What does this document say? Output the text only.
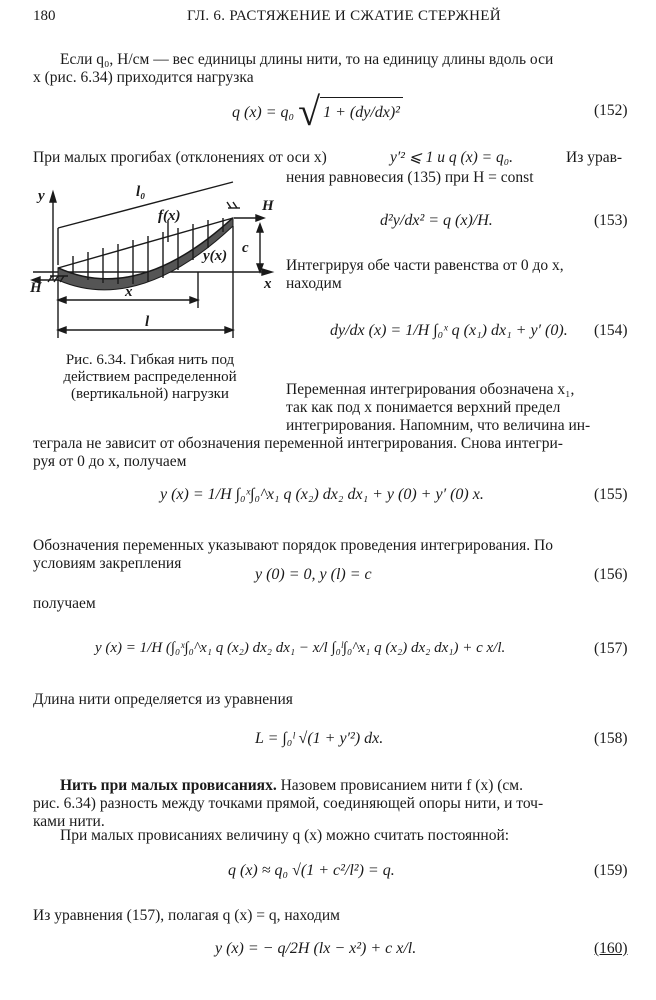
180	ГЛ. 6. РАСТЯЖЕНИЕ И СЖАТИЕ СТЕРЖНЕЙ
Если q₀, Н/см — вес единицы длины нити, то на единицу длины вдоль оси
x (рис. 6.34) приходится нагрузка
q (x) = q₀ √ 1 + (dy/dx)²	(152)
При малых прогибах (отклонениях от оси x)	y′² ⩽ 1 и q (x) = q₀.	Из урав-
нения равновесия (135) при H = const
y	l₀
f(x)
y(x)
H
H
c
x
x
l
Рис. 6.34. Гибкая нить под
действием распределенной
(вертикальной) нагрузки
d²y/dx² = q (x)/H.	(153)
Интегрируя обе части равенства от 0 до x,
находим
dy/dx (x) = 1/H ∫₀ˣ q (x₁) dx₁ + y′ (0). (154)
Переменная интегрирования обозначена x₁,
так как под x понимается верхний предел
интегрирования. Напомним, что величина ин-
теграла не зависит от обозначения переменной интегрирования. Снова интегри-
руя от 0 до x, получаем
y (x) = 1/H ∫₀ˣ∫₀^x₁ q (x₂) dx₂ dx₁ + y (0) + y′ (0) x.	(155)
Обозначения переменных указывают порядок проведения интегрирования. По
условиям закрепления
y (0) = 0, y (l) = c	(156)
получаем
y (x) = 1/H (∫₀ˣ∫₀^x₁ q (x₂) dx₂ dx₁ − x/l ∫₀ˡ∫₀^x₁ q (x₂) dx₂ dx₁) + c x/l.	(157)
Длина нити определяется из уравнения
L = ∫₀ˡ √(1 + y′²) dx.	(158)
Нить при малых провисаниях. Назовем провисанием нити f (x) (см.
рис. 6.34) разность между точками прямой, соединяющей опоры нити, и точ-
ками нити.
При малых провисаниях величину q (x) можно считать постоянной:
q (x) ≈ q₀ √(1 + c²/l²) = q.	(159)
Из уравнения (157), полагая q (x) = q, находим
y (x) = − q/2H (lx − x²) + c x/l.	(160)
